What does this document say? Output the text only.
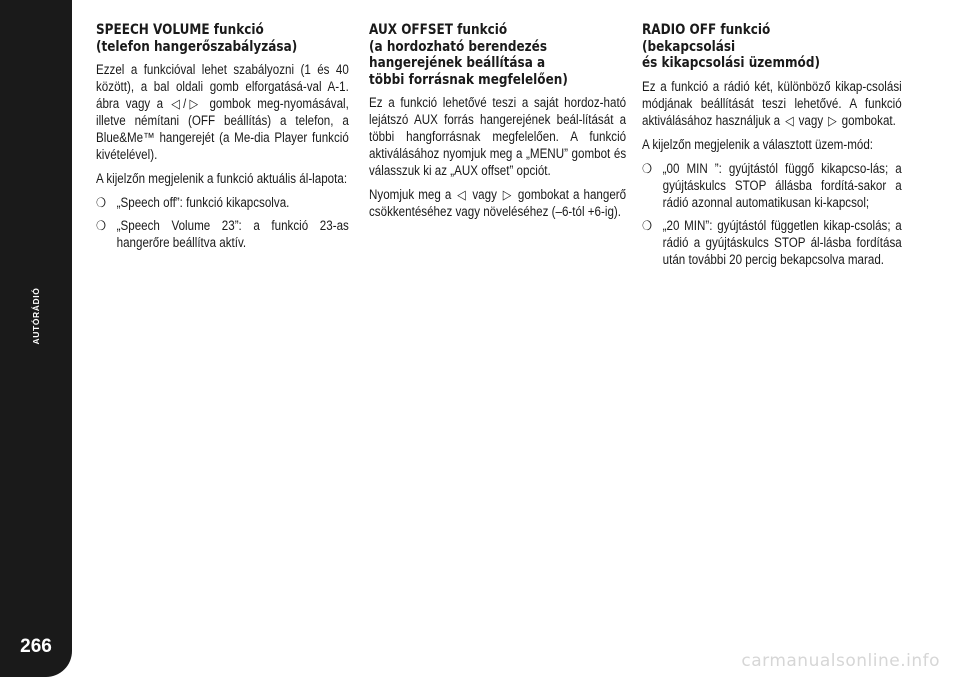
AUTÓRÁDIÓ
266
SPEECH VOLUME funkció
(telefon hangerőszabályzása)

Ezzel a funkcióval lehet szabályozni (1 és 40 között), a bal oldali gomb elforgatásá-val A-1. ábra vagy a ◁/▷ gombok meg-nyomásával, illetve némítani (OFF beállítás) a telefon, a Blue&Me™ hangerejét (a Me-dia Player funkció kivételével).

A kijelzőn megjelenik a funkció aktuális ál-lapota:

❍ „Speech off”: funkció kikapcsolva.
❍ „Speech Volume 23”: a funkció 23-as hangerőre beállítva aktív.
AUX OFFSET funkció
(a hordozható berendezés
hangerejének beállítása a
többi forrásnak megfelelően)

Ez a funkció lehetővé teszi a saját hordoz-ható lejátszó AUX forrás hangerejének beál-lítását a többi hangforrásnak megfelelően. A funkció aktiválásához nyomjuk meg a „MENU” gombot és válasszuk ki az „AUX offset” opciót.

Nyomjuk meg a ◁ vagy ▷ gombokat a hangerő csökkentéséhez vagy növeléséhez (–6-tól +6-ig).

RADIO OFF funkció
(bekapcsolási
és kikapcsolási üzemmód)

Ez a funkció a rádió két, különböző kikap-csolási módjának beállítását teszi lehetővé. A funkció aktiválásához használjuk a ◁ vagy ▷ gombokat.

A kijelzőn megjelenik a választott üzem-mód:

❍ „00 MIN ”: gyújtástól függő kikapcso-lás; a gyújtáskulcs STOP állásba fordítá-sakor a rádió azonnal automatikusan ki-kapcsol;
❍ „20 MIN”: gyújtástól független kikap-csolás; a rádió a gyújtáskulcs STOP ál-lásba fordítása után további 20 percig bekapcsolva marad.
carmanualsonline.info
